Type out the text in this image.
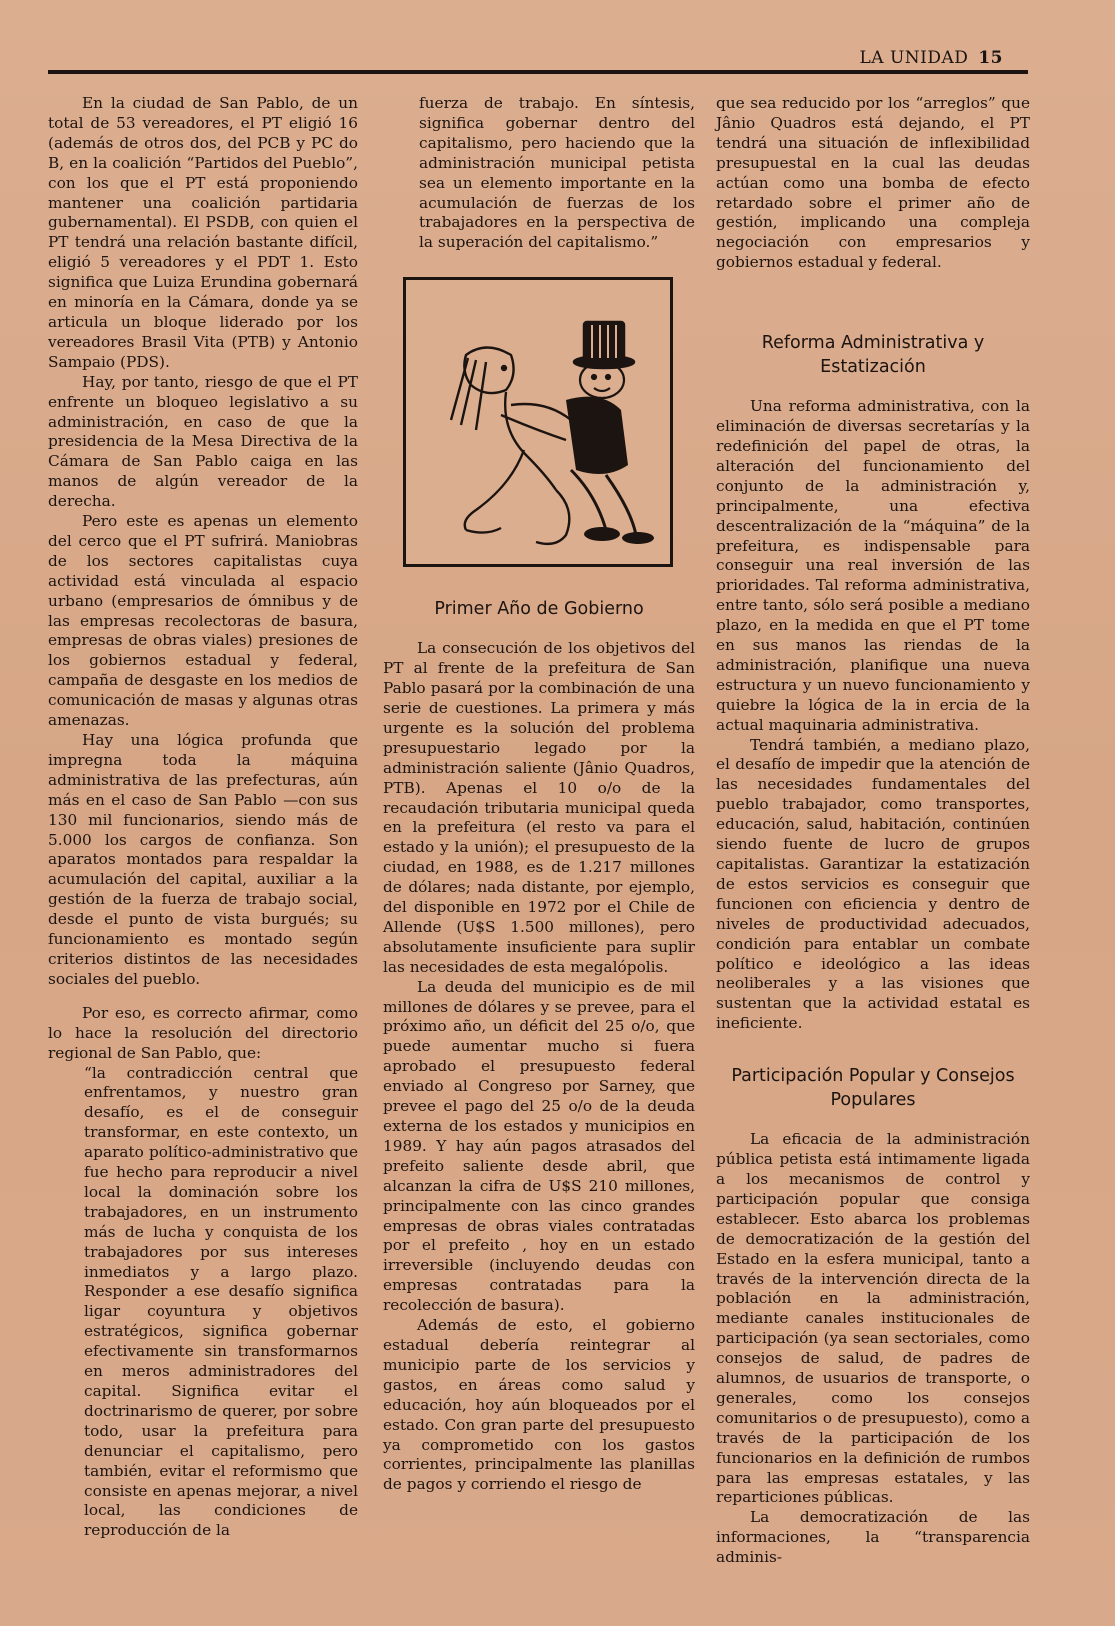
LA UNIDAD 15

En la ciudad de San Pablo, de un total de 53 vereadores, el PT eligió 16 (además de otros dos, del PCB y PC do B, en la coalición “Partidos del Pueblo”, con los que el PT está proponiendo mantener una coalición partidaria gubernamental). El PSDB, con quien el PT tendrá una relación bastante difícil, eligió 5 vereadores y el PDT 1. Esto significa que Luiza Erundina gobernará en minoría en la Cámara, donde ya se articula un bloque liderado por los vereadores Brasil Vita (PTB) y Antonio Sampaio (PDS).

Hay, por tanto, riesgo de que el PT enfrente un bloqueo legislativo a su administración, en caso de que la presidencia de la Mesa Directiva de la Cámara de San Pablo caiga en las manos de algún vereador de la derecha.

Pero este es apenas un elemento del cerco que el PT sufrirá. Maniobras de los sectores capitalistas cuya actividad está vinculada al espacio urbano (empresarios de ómnibus y de las empresas recolectoras de basura, empresas de obras viales) presiones de los gobiernos estadual y federal, campaña de desgaste en los medios de comunicación de masas y algunas otras amenazas.

Hay una lógica profunda que impregna toda la máquina administrativa de las prefecturas, aún más en el caso de San Pablo —con sus 130 mil funcionarios, siendo más de 5.000 los cargos de confianza. Son aparatos montados para respaldar la acumulación del capital, auxiliar a la gestión de la fuerza de trabajo social, desde el punto de vista burgués; su funcionamiento es montado según criterios distintos de las necesidades sociales del pueblo.

Por eso, es correcto afirmar, como lo hace la resolución del directorio regional de San Pablo, que:

“la contradicción central que enfrentamos, y nuestro gran desafío, es el de conseguir transformar, en este contexto, un aparato político-administrativo que fue hecho para reproducir a nivel local la dominación sobre los trabajadores, en un instrumento más de lucha y conquista de los trabajadores por sus intereses inmediatos y a largo plazo. Responder a ese desafío significa ligar coyuntura y objetivos estratégicos, significa gobernar efectivamente sin transformarnos en meros administradores del capital. Significa evitar el doctrinarismo de querer, por sobre todo, usar la prefeitura para denunciar el capitalismo, pero también, evitar el reformismo que consiste en apenas mejorar, a nivel local, las condiciones de reproducción de la

fuerza de trabajo. En síntesis, significa gobernar dentro del capitalismo, pero haciendo que la administración municipal petista sea un elemento importante en la acumulación de fuerzas de los trabajadores en la perspectiva de la superación del capitalismo.”

Primer Año de Gobierno

La consecución de los objetivos del PT al frente de la prefeitura de San Pablo pasará por la combinación de una serie de cuestiones. La primera y más urgente es la solución del problema presupuestario legado por la administración saliente (Jânio Quadros, PTB). Apenas el 10 o/o de la recaudación tributaria municipal queda en la prefeitura (el resto va para el estado y la unión); el presupuesto de la ciudad, en 1988, es de 1.217 millones de dólares; nada distante, por ejemplo, del disponible en 1972 por el Chile de Allende (U$S 1.500 millones), pero absolutamente insuficiente para suplir las necesidades de esta megalópolis.

La deuda del municipio es de mil millones de dólares y se prevee, para el próximo año, un déficit del 25 o/o, que puede aumentar mucho si fuera aprobado el presupuesto federal enviado al Congreso por Sarney, que prevee el pago del 25 o/o de la deuda externa de los estados y municipios en 1989. Y hay aún pagos atrasados del prefeito saliente desde abril, que alcanzan la cifra de U$S 210 millones, principalmente con las cinco grandes empresas de obras viales contratadas por el prefeito , hoy en un estado irreversible (incluyendo deudas con empresas contratadas para la recolección de basura).

Además de esto, el gobierno estadual debería reintegrar al municipio parte de los servicios y gastos, en áreas como salud y educación, hoy aún bloqueados por el estado. Con gran parte del presupuesto ya comprometido con los gastos corrientes, principalmente las planillas de pagos y corriendo el riesgo de

que sea reducido por los “arreglos” que Jânio Quadros está dejando, el PT tendrá una situación de inflexibilidad presupuestal en la cual las deudas actúan como una bomba de efecto retardado sobre el primer año de gestión, implicando una compleja negociación con empresarios y gobiernos estadual y federal.

Reforma Administrativa y Estatización

Una reforma administrativa, con la eliminación de diversas secretarías y la redefinición del papel de otras, la alteración del funcionamiento del conjunto de la administración y, principalmente, una efectiva descentralización de la “máquina” de la prefeitura, es indispensable para conseguir una real inversión de las prioridades. Tal reforma administrativa, entre tanto, sólo será posible a mediano plazo, en la medida en que el PT tome en sus manos las riendas de la administración, planifique una nueva estructura y un nuevo funcionamiento y quiebre la lógica de la in ercia de la actual maquinaria administrativa.

Tendrá también, a mediano plazo, el desafío de impedir que la atención de las necesidades fundamentales del pueblo trabajador, como transportes, educación, salud, habitación, continúen siendo fuente de lucro de grupos capitalistas. Garantizar la estatización de estos servicios es conseguir que funcionen con eficiencia y dentro de niveles de productividad adecuados, condición para entablar un combate político e ideológico a las ideas neoliberales y a las visiones que sustentan que la actividad estatal es ineficiente.

Participación Popular y Consejos Populares

La eficacia de la administración pública petista está intimamente ligada a los mecanismos de control y participación popular que consiga establecer. Esto abarca los problemas de democratización de la gestión del Estado en la esfera municipal, tanto a través de la intervención directa de la población en la administración, mediante canales institucionales de participación (ya sean sectoriales, como consejos de salud, de padres de alumnos, de usuarios de transporte, o generales, como los consejos comunitarios o de presupuesto), como a través de la participación de los funcionarios en la definición de rumbos para las empresas estatales, y las reparticiones públicas.

La democratización de las informaciones, la “transparencia adminis-
